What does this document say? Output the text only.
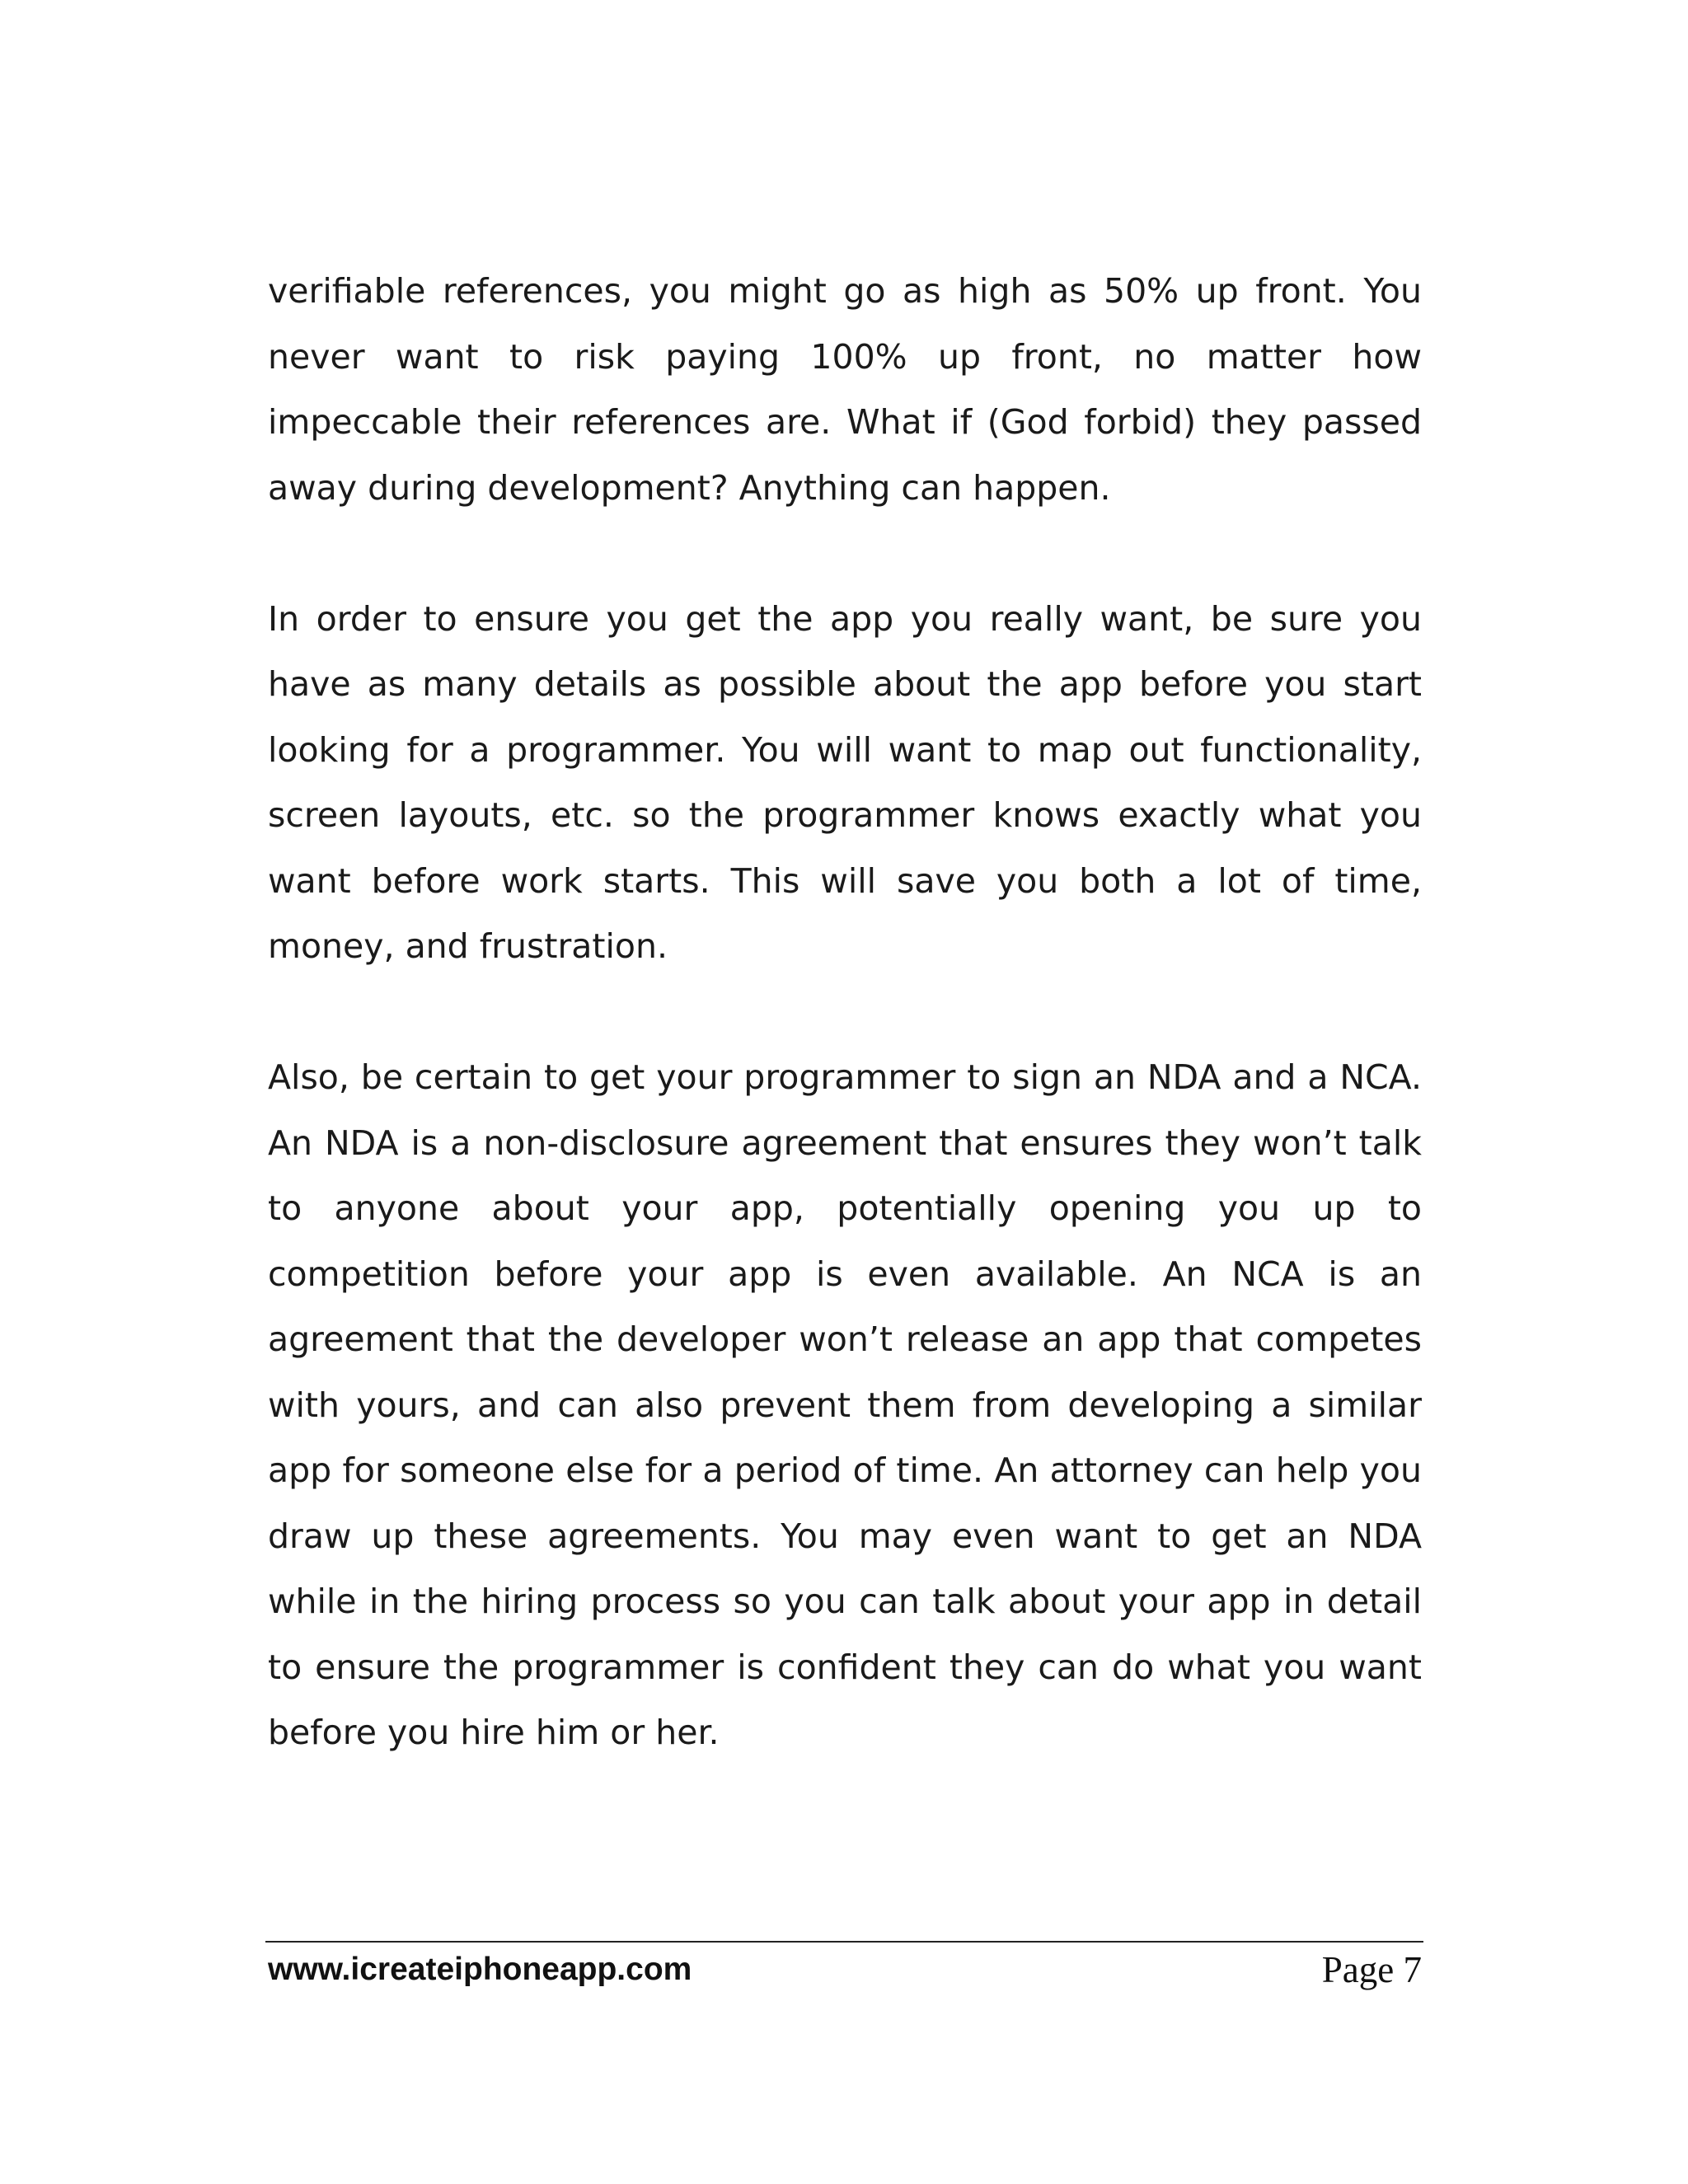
verifiable references, you might go as high as 50% up front. You never want to risk paying 100% up front, no matter how impeccable their references are. What if (God forbid) they passed away during development? Anything can happen.

In order to ensure you get the app you really want, be sure you have as many details as possible about the app before you start looking for a programmer. You will want to map out functionality, screen layouts, etc. so the programmer knows exactly what you want before work starts. This will save you both a lot of time, money, and frustration.

Also, be certain to get your programmer to sign an NDA and a NCA. An NDA is a non-disclosure agreement that ensures they won’t talk to anyone about your app, potentially opening you up to competition before your app is even available. An NCA is an agreement that the developer won’t release an app that competes with yours, and can also prevent them from developing a similar app for someone else for a period of time. An attorney can help you draw up these agreements. You may even want to get an NDA while in the hiring process so you can talk about your app in detail to ensure the programmer is confident they can do what you want before you hire him or her.

www.icreateiphoneapp.com	Page 7
